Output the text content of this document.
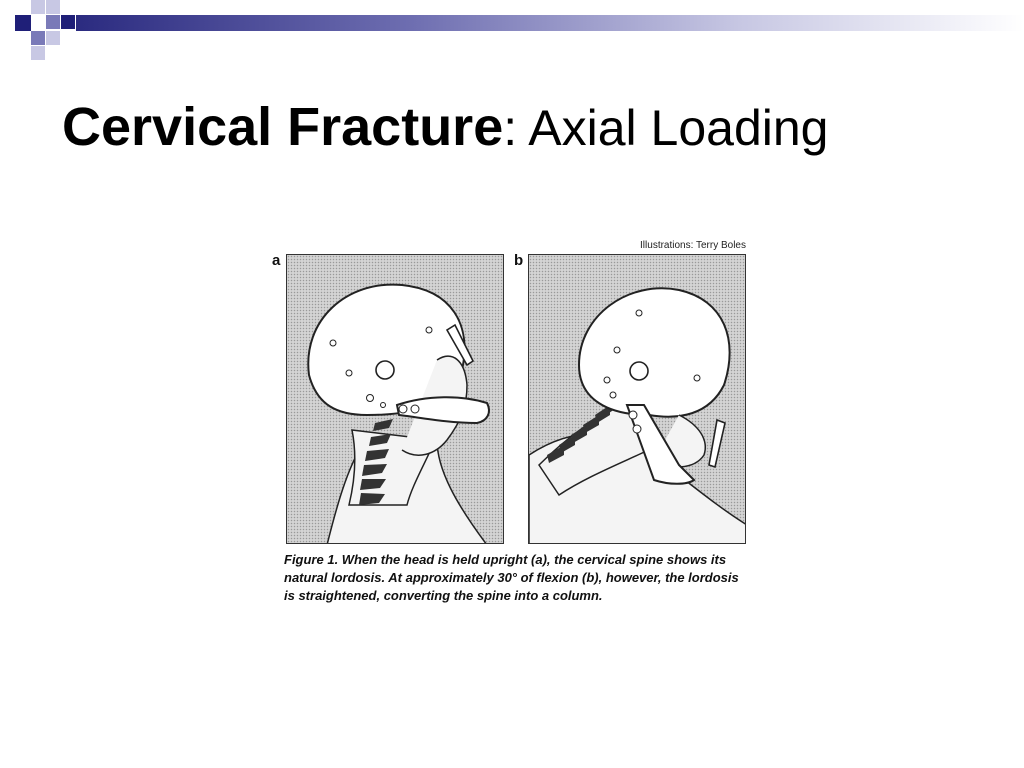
Cervical Fracture: Axial Loading
Illustrations: Terry Boles
a	b

Figure 1. When the head is held upright (a), the cervical spine shows its natural lordosis. At approximately 30° of flexion (b), however, the lordosis is straightened, converting the spine into a column.
